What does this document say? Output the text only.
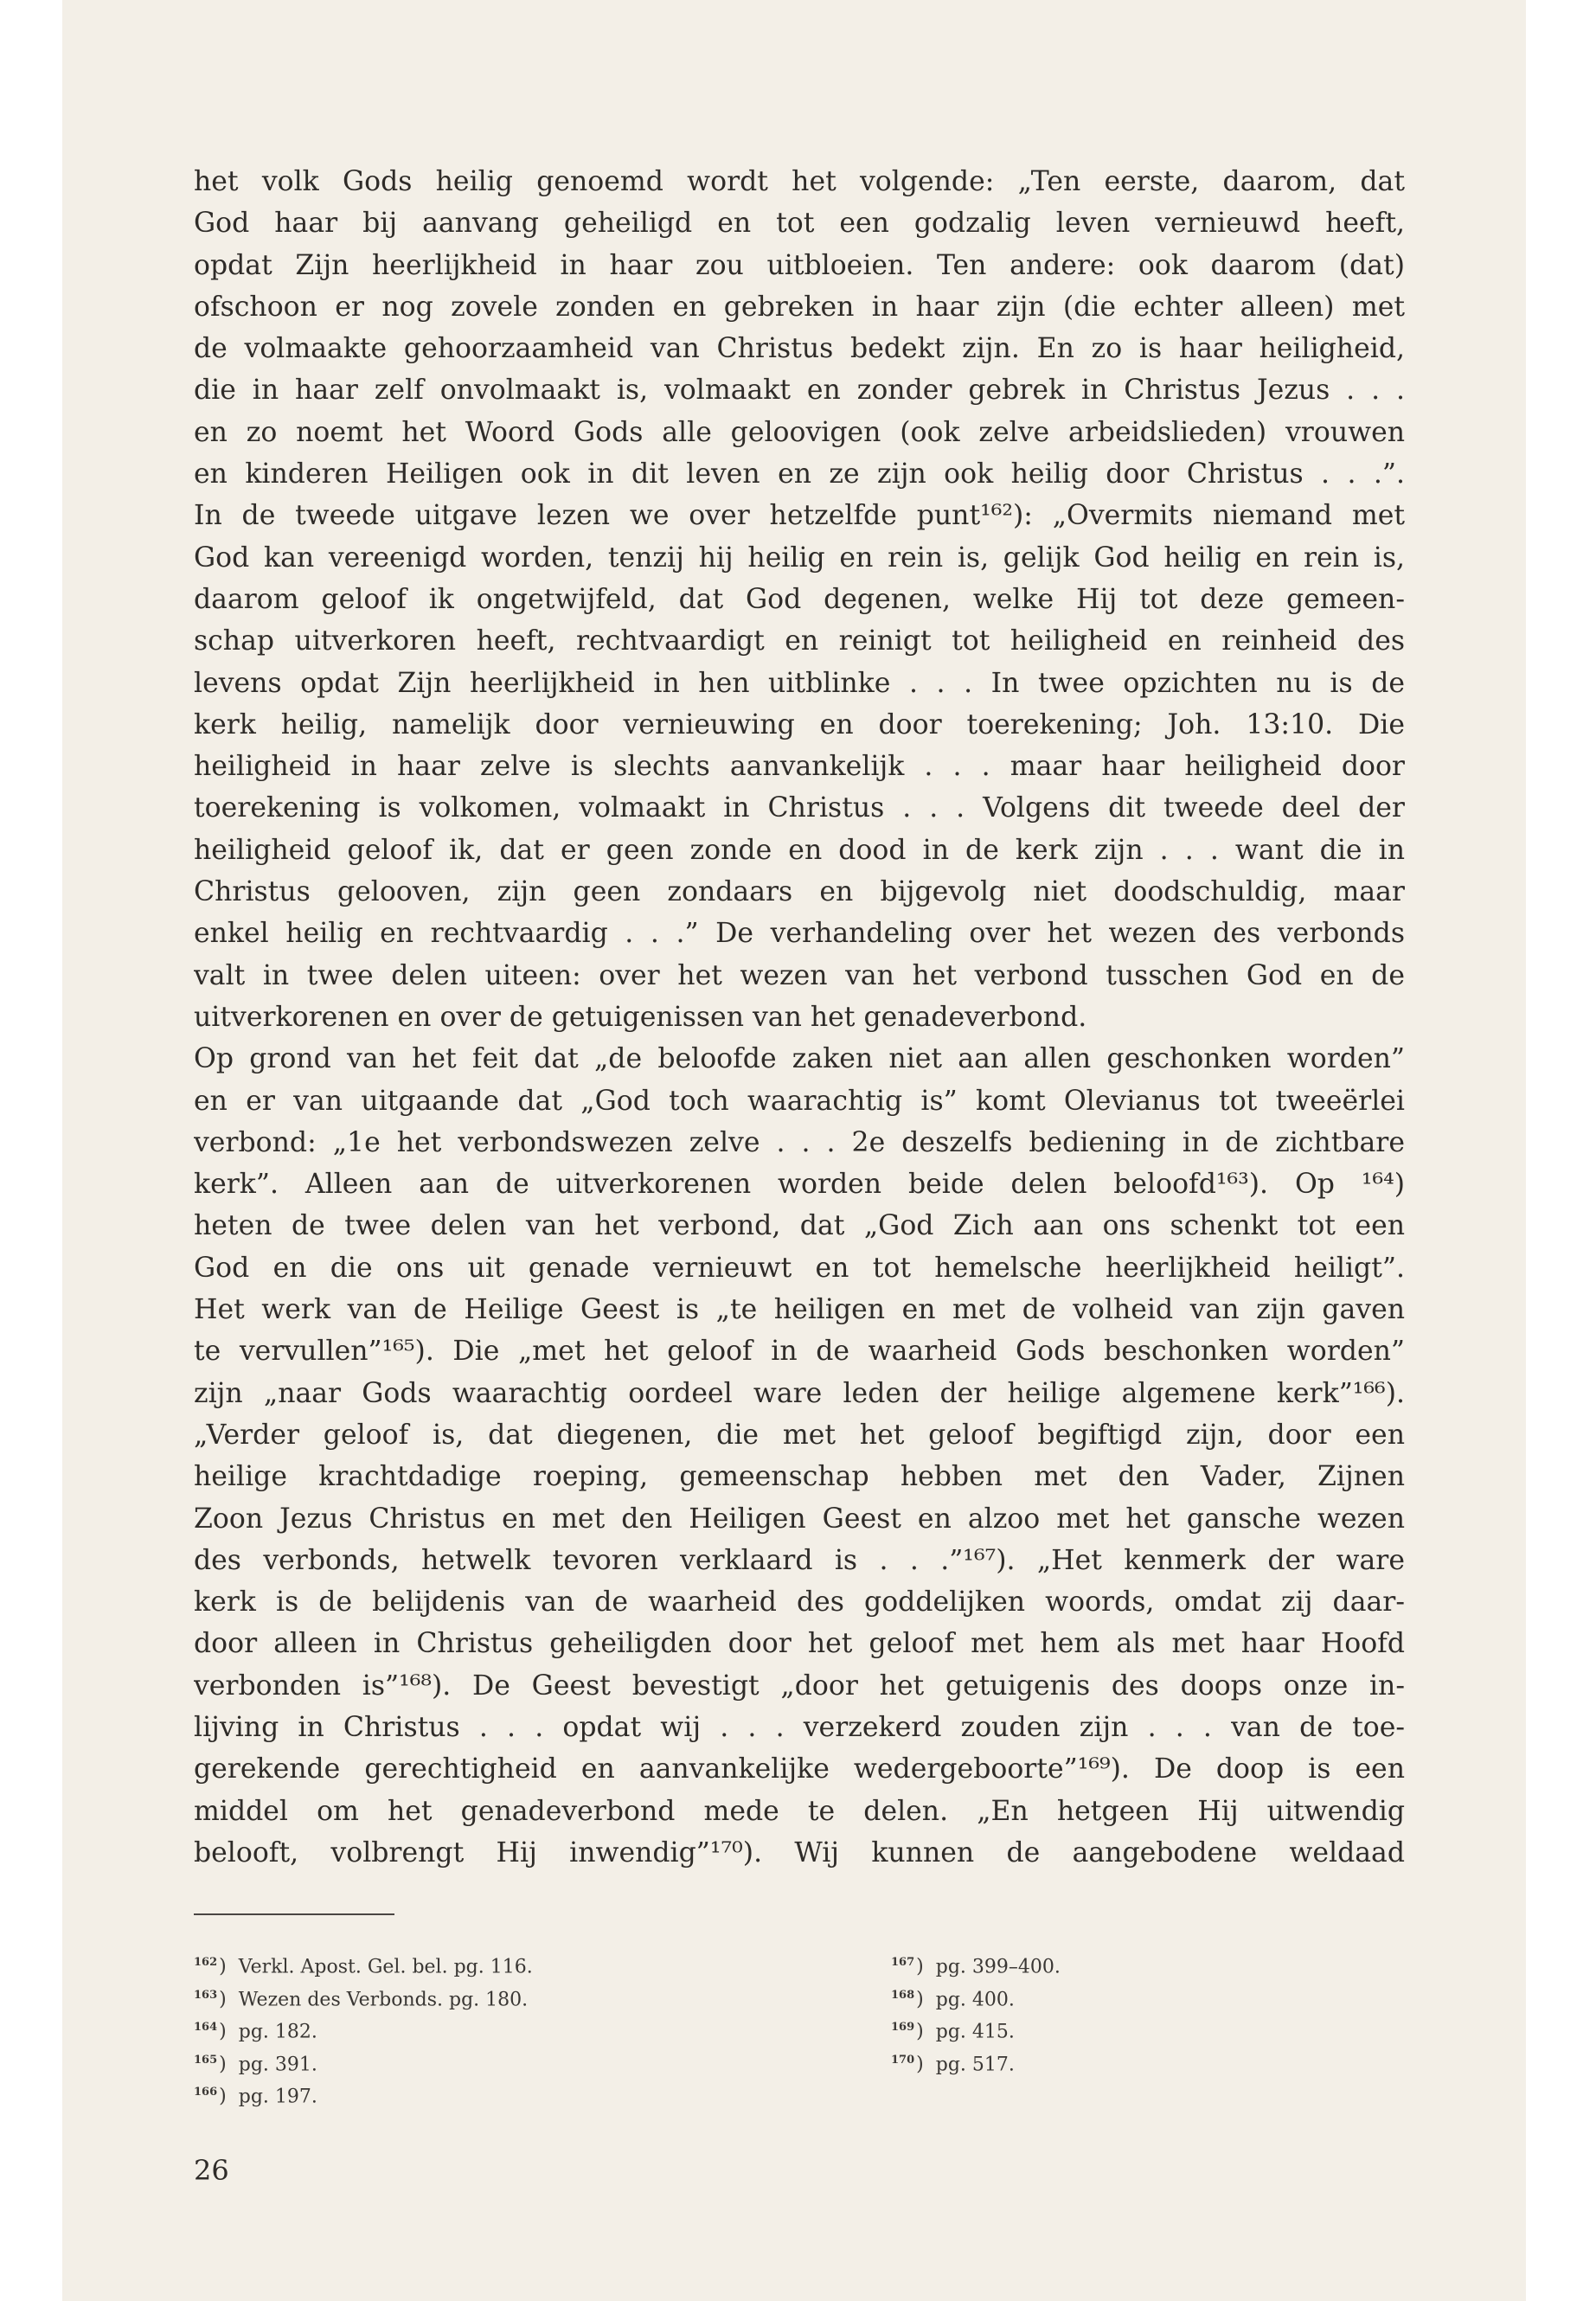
het volk Gods heilig genoemd wordt het volgende: „Ten eerste, daarom, dat
God haar bij aanvang geheiligd en tot een godzalig leven vernieuwd heeft,
opdat Zijn heerlijkheid in haar zou uitbloeien. Ten andere: ook daarom (dat)
ofschoon er nog zovele zonden en gebreken in haar zijn (die echter alleen) met
de volmaakte gehoorzaamheid van Christus bedekt zijn. En zo is haar heiligheid,
die in haar zelf onvolmaakt is, volmaakt en zonder gebrek in Christus Jezus . . .
en zo noemt het Woord Gods alle geloovigen (ook zelve arbeidslieden) vrouwen
en kinderen Heiligen ook in dit leven en ze zijn ook heilig door Christus . . .”.
In de tweede uitgave lezen we over hetzelfde punt¹⁶²): „Overmits niemand met
God kan vereenigd worden, tenzij hij heilig en rein is, gelijk God heilig en rein is,
daarom geloof ik ongetwijfeld, dat God degenen, welke Hij tot deze gemeen-
schap uitverkoren heeft, rechtvaardigt en reinigt tot heiligheid en reinheid des
levens opdat Zijn heerlijkheid in hen uitblinke . . . In twee opzichten nu is de
kerk heilig, namelijk door vernieuwing en door toerekening; Joh. 13:10. Die
heiligheid in haar zelve is slechts aanvankelijk . . . maar haar heiligheid door
toerekening is volkomen, volmaakt in Christus . . . Volgens dit tweede deel der
heiligheid geloof ik, dat er geen zonde en dood in de kerk zijn . . . want die in
Christus gelooven, zijn geen zondaars en bijgevolg niet doodschuldig, maar
enkel heilig en rechtvaardig . . .” De verhandeling over het wezen des verbonds
valt in twee delen uiteen: over het wezen van het verbond tusschen God en de
uitverkorenen en over de getuigenissen van het genadeverbond.
Op grond van het feit dat „de beloofde zaken niet aan allen geschonken worden”
en er van uitgaande dat „God toch waarachtig is” komt Olevianus tot tweeërlei
verbond: „1e het verbondswezen zelve . . . 2e deszelfs bediening in de zichtbare
kerk”. Alleen aan de uitverkorenen worden beide delen beloofd¹⁶³). Op ¹⁶⁴)
heten de twee delen van het verbond, dat „God Zich aan ons schenkt tot een
God en die ons uit genade vernieuwt en tot hemelsche heerlijkheid heiligt”.
Het werk van de Heilige Geest is „te heiligen en met de volheid van zijn gaven
te vervullen”¹⁶⁵). Die „met het geloof in de waarheid Gods beschonken worden”
zijn „naar Gods waarachtig oordeel ware leden der heilige algemene kerk”¹⁶⁶).
„Verder geloof is, dat diegenen, die met het geloof begiftigd zijn, door een
heilige krachtdadige roeping, gemeenschap hebben met den Vader, Zijnen
Zoon Jezus Christus en met den Heiligen Geest en alzoo met het gansche wezen
des verbonds, hetwelk tevoren verklaard is . . .”¹⁶⁷). „Het kenmerk der ware
kerk is de belijdenis van de waarheid des goddelijken woords, omdat zij daar-
door alleen in Christus geheiligden door het geloof met hem als met haar Hoofd
verbonden is”¹⁶⁸). De Geest bevestigt „door het getuigenis des doops onze in-
lijving in Christus . . . opdat wij . . . verzekerd zouden zijn . . . van de toe-
gerekende gerechtigheid en aanvankelijke wedergeboorte”¹⁶⁹). De doop is een
middel om het genadeverbond mede te delen. „En hetgeen Hij uitwendig
belooft, volbrengt Hij inwendig”¹⁷⁰). Wij kunnen de aangebodene weldaad
$^{162}$) Verkl. Apost. Gel. bel. pg. 116.
$^{163}$) Wezen des Verbonds. pg. 180.
$^{164}$) pg. 182.
$^{165}$) pg. 391.
$^{166}$) pg. 197.
$^{167}$) pg. 399–400.
$^{168}$) pg. 400.
$^{169}$) pg. 415.
$^{170}$) pg. 517.
26
